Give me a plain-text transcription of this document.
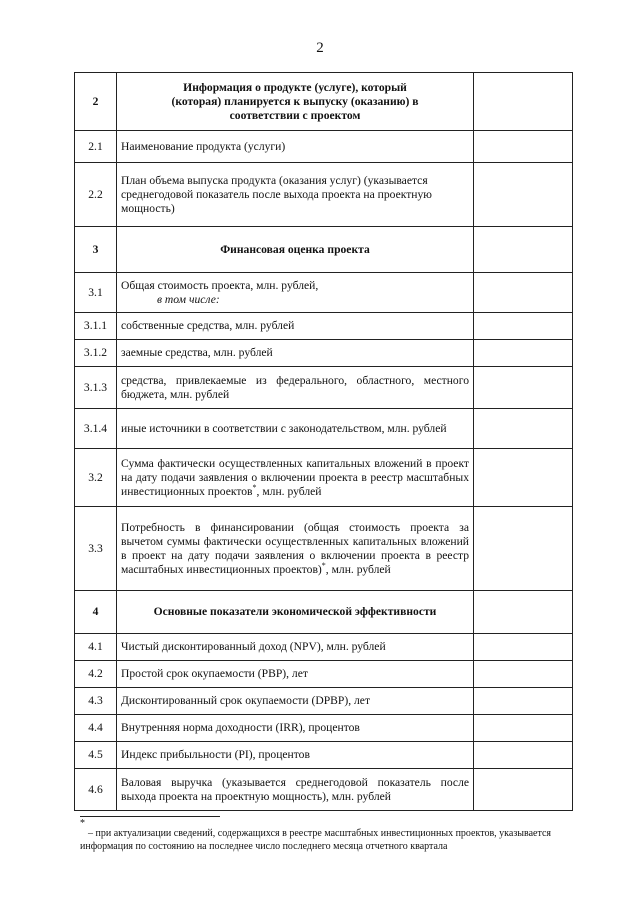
2
2	Информация о продукте (услуге), который (которая) планируется к выпуску (оказанию) в соответствии с проектом	
2.1	Наименование продукта (услуги)	
2.2	План объема выпуска продукта (оказания услуг) (указывается среднегодовой показатель после выхода проекта на проектную мощность)	
3	Финансовая оценка проекта	
3.1	Общая стоимость проекта, млн. рублей,
в том числе:	

3.1.1	собственные средства, млн. рублей	
3.1.2	заемные средства, млн. рублей	
3.1.3	средства, привлекаемые из федерального, областного, местного бюджета, млн. рублей	
3.1.4	иные источники в соответствии с законодательством, млн. рублей	
3.2	Сумма фактически осуществленных капитальных вложений в проект на дату подачи заявления о включении проекта в реестр масштабных инвестиционных проектов*, млн. рублей	
3.3	Потребность в финансировании (общая стоимость проекта за вычетом суммы фактически осуществленных капитальных вложений в проект на дату подачи заявления о включении проекта в реестр масштабных инвестиционных проектов)*, млн. рублей	
4	Основные показатели экономической эффективности	
4.1	Чистый дисконтированный доход (NPV), млн. рублей	
4.2	Простой срок окупаемости (PBP), лет	
4.3	Дисконтированный срок окупаемости (DPBP), лет	
4.4	Внутренняя норма доходности (IRR), процентов	
4.5	Индекс прибыльности (PI), процентов	
4.6	Валовая выручка (указывается среднегодовой показатель после выхода проекта на проектную мощность), млн. рублей	
*
– при актуализации сведений, содержащихся в реестре масштабных инвестиционных проектов, указывается информация по состоянию на последнее число последнего месяца отчетного квартала
